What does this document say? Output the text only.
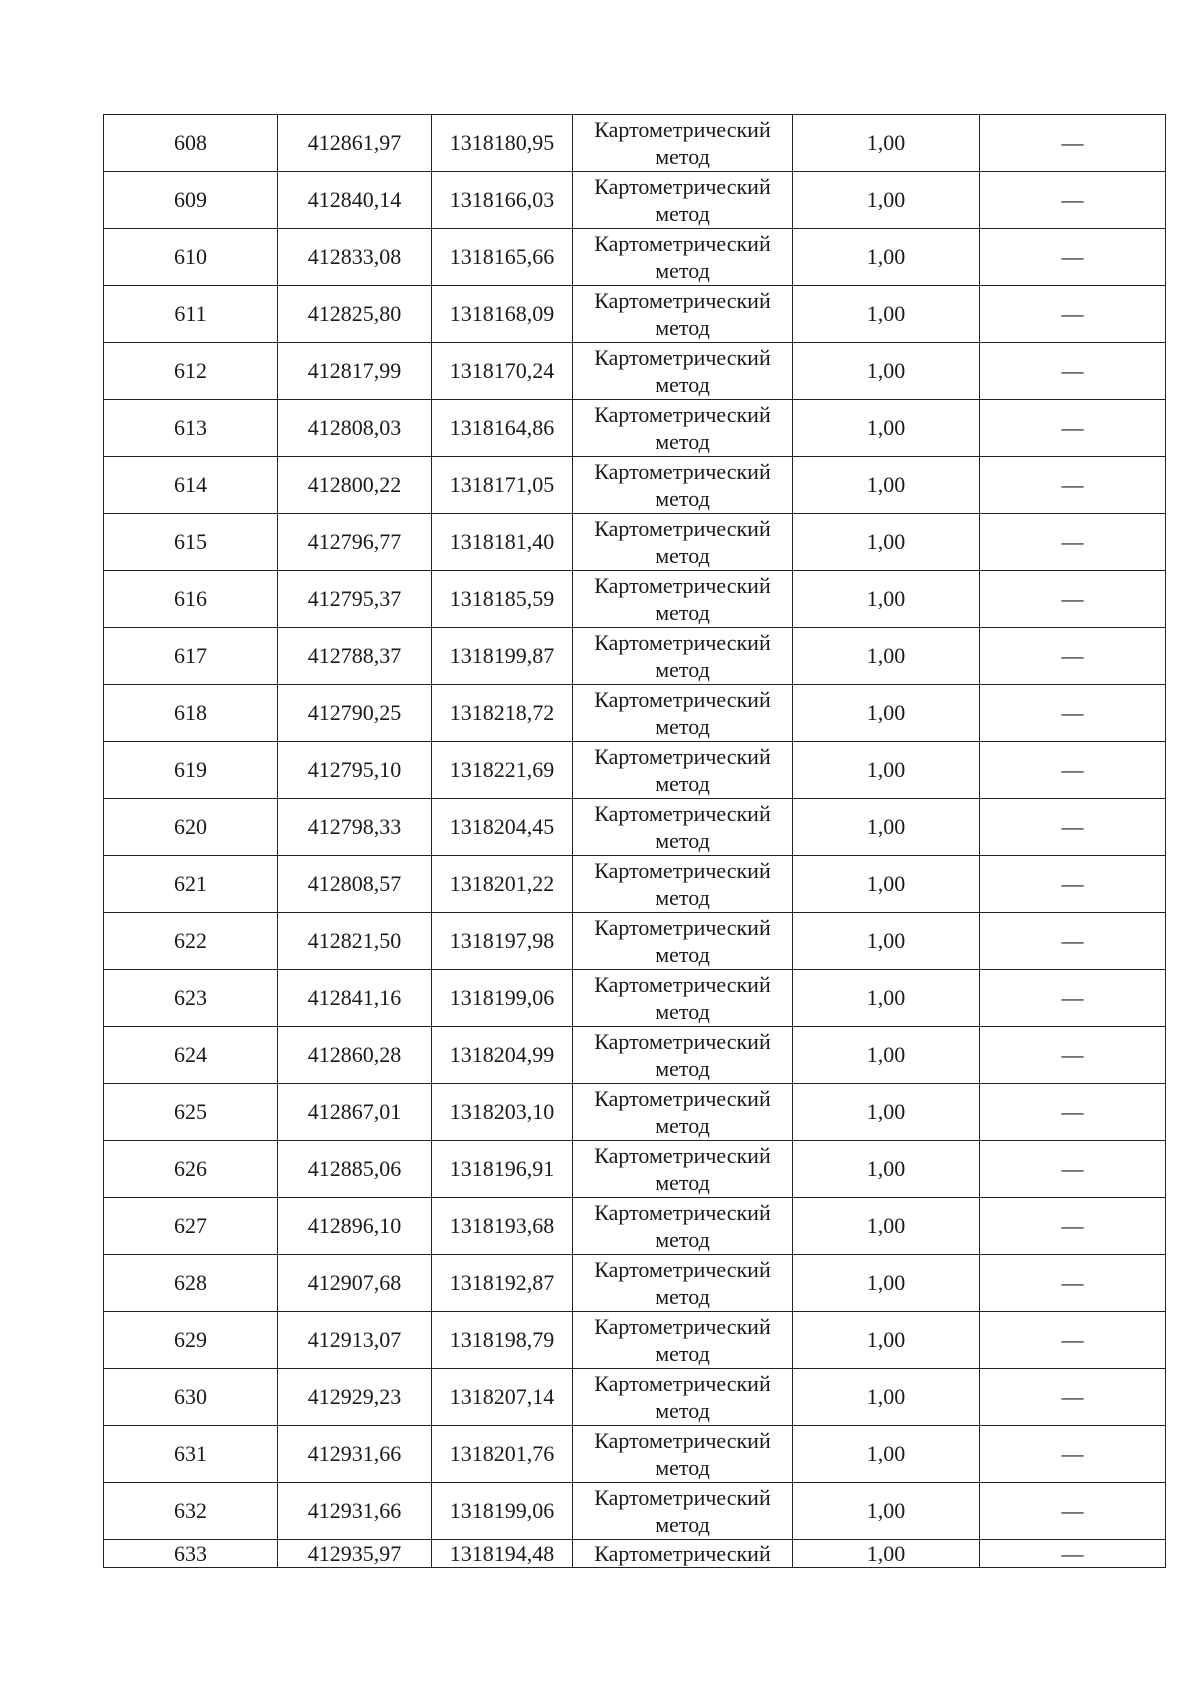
608	412861,97	1318180,95	Картометрический
метод	1,00	—
609	412840,14	1318166,03	Картометрический
метод	1,00	—
610	412833,08	1318165,66	Картометрический
метод	1,00	—
611	412825,80	1318168,09	Картометрический
метод	1,00	—
612	412817,99	1318170,24	Картометрический
метод	1,00	—
613	412808,03	1318164,86	Картометрический
метод	1,00	—
614	412800,22	1318171,05	Картометрический
метод	1,00	—
615	412796,77	1318181,40	Картометрический
метод	1,00	—
616	412795,37	1318185,59	Картометрический
метод	1,00	—
617	412788,37	1318199,87	Картометрический
метод	1,00	—
618	412790,25	1318218,72	Картометрический
метод	1,00	—
619	412795,10	1318221,69	Картометрический
метод	1,00	—
620	412798,33	1318204,45	Картометрический
метод	1,00	—
621	412808,57	1318201,22	Картометрический
метод	1,00	—
622	412821,50	1318197,98	Картометрический
метод	1,00	—
623	412841,16	1318199,06	Картометрический
метод	1,00	—
624	412860,28	1318204,99	Картометрический
метод	1,00	—
625	412867,01	1318203,10	Картометрический
метод	1,00	—
626	412885,06	1318196,91	Картометрический
метод	1,00	—
627	412896,10	1318193,68	Картометрический
метод	1,00	—
628	412907,68	1318192,87	Картометрический
метод	1,00	—
629	412913,07	1318198,79	Картометрический
метод	1,00	—
630	412929,23	1318207,14	Картометрический
метод	1,00	—
631	412931,66	1318201,76	Картометрический
метод	1,00	—
632	412931,66	1318199,06	Картометрический
метод	1,00	—
633	412935,97	1318194,48	Картометрический	1,00	—
